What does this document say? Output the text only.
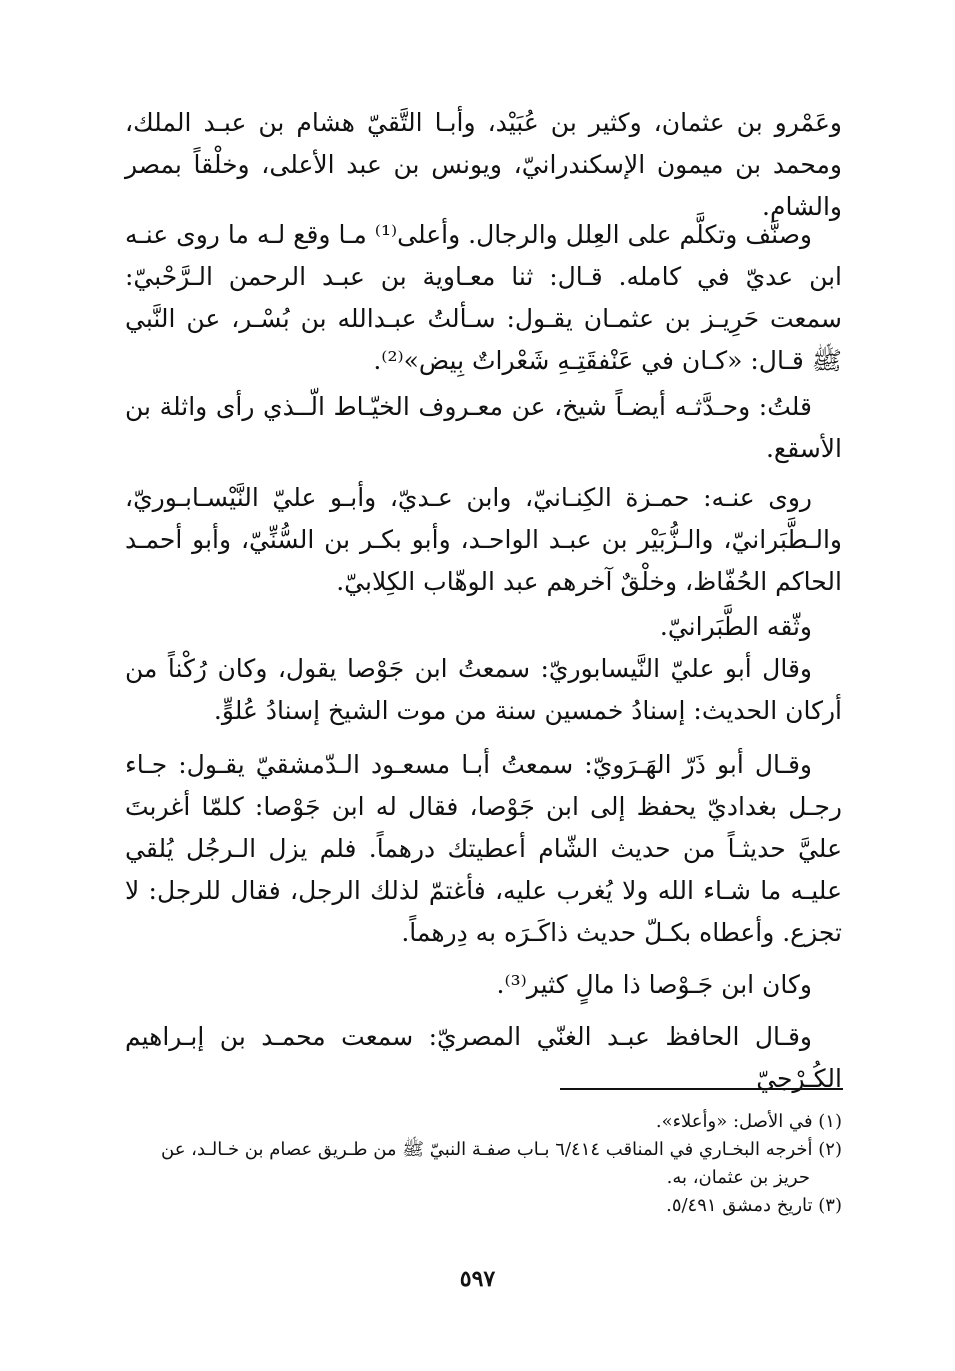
وعَمْرو بن عثمان، وكثير بن عُبَيْد، وأبـا التَّقيّ هشام بن عبـد الملك، ومحمد بن ميمون الإسكندرانيّ، ويونس بن عبد الأعلى، وخلْقاً بمصر والشام.

وصنَّف وتكلَّم على العِلل والرجال. وأعلى⁽¹⁾ مـا وقع لـه ما روى عنـه ابن عديّ في كامله. قـال: ثنا معـاوية بن عبـد الرحمن الـرَّحْبيّ: سمعت حَرِيـز بن عثمـان يقـول: سـألتُ عبـدالله بن بُسْـر، عن النَّبي ﷺ قـال: «كـان في عَنْفقَتِـهِ شَعْراتٌ بِيض»⁽²⁾.

قلتُ: وحـدَّثـه أيضـاً شيخ، عن معـروف الخيّـاط الّــذي رأى واثلة بن الأسقع.

روى عنـه: حمـزة الكِنـانيّ، وابن عـديّ، وأبـو عليّ النَّيْسـابـوريّ، والـطَّبَرانيّ، والـزُّبَيْر بن عبـد الواحـد، وأبو بكـر بن السُّنِّيّ، وأبو أحمـد الحاكم الحُفّاظ، وخلْقٌ آخرهم عبد الوهّاب الكِلابيّ.

وثّقه الطَّبَرانيّ.

وقال أبو عليّ النَّيسابوريّ: سمعتُ ابن جَوْصا يقول، وكان رُكْناً من أركان الحديث: إسنادُ خمسين سنة من موت الشيخ إسنادُ عُلوٍّ.

وقـال أبو ذَرّ الهَـرَويّ: سمعتُ أبـا مسعـود الـدّمشقيّ يقـول: جـاء رجـل بغداديّ يحفظ إلى ابن جَوْصا، فقال له ابن جَوْصا: كلمّا أغربتَ عليَّ حديثـاً من حديث الشّام أعطيتك درهماً. فلم يزل الـرجُل يُلقي عليـه ما شـاء الله ولا يُغرب عليه، فأغتمّ لذلك الرجل، فقال للرجل: لا تجزع. وأعطاه بكـلّ حديث ذاكَـرَه به دِرهماً.

وكان ابن جَـوْصا ذا مالٍ كثير⁽³⁾.

وقـال الحافظ عبـد الغنّي المصريّ: سمعت محمـد بن إبـراهيم الكُـرْجيّ

(١) في الأصل: «وأعلاء».

(٢) أخرجه البخـاري في المناقب ٦/٤١٤ بـاب صفـة النبيّ ﷺ من طـريق عصام بن خـالـد، عن

حريز بن عثمان، به.

(٣) تاريخ دمشق ٥/٤٩١.

٥٩٧
